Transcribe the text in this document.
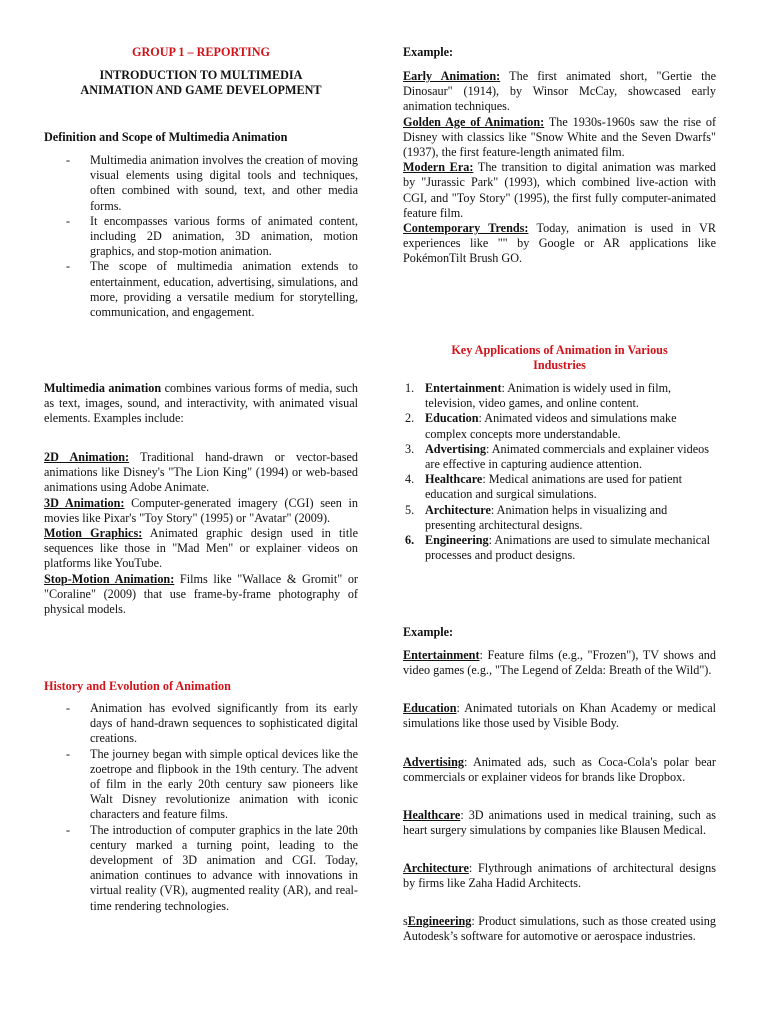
GROUP 1 – REPORTING

INTRODUCTION TO MULTIMEDIA

ANIMATION AND GAME DEVELOPMENT

Definition and Scope of Multimedia Animation

- Multimedia animation involves the creation of moving visual elements using digital tools and techniques, often combined with sound, text, and other media forms.
- It encompasses various forms of animated content, including 2D animation, 3D animation, motion graphics, and stop-motion animation.
- The scope of multimedia animation extends to entertainment, education, advertising, simulations, and more, providing a versatile medium for storytelling, communication, and engagement.

Multimedia animation combines various forms of media, such as text, images, sound, and interactivity, with animated visual elements. Examples include:

2D Animation: Traditional hand-drawn or vector-based animations like Disney's "The Lion King" (1994) or web-based animations using Adobe Animate.

3D Animation: Computer-generated imagery (CGI) seen in movies like Pixar's "Toy Story" (1995) or "Avatar" (2009).

Motion Graphics: Animated graphic design used in title sequences like those in "Mad Men" or explainer videos on platforms like YouTube.

Stop-Motion Animation: Films like "Wallace & Gromit" or "Coraline" (2009) that use frame-by-frame photography of physical models.

History and Evolution of Animation

- Animation has evolved significantly from its early days of hand-drawn sequences to sophisticated digital creations.
- The journey began with simple optical devices like the zoetrope and flipbook in the 19th century. The advent of film in the early 20th century saw pioneers like Walt Disney revolutionize animation with iconic characters and feature films.
- The introduction of computer graphics in the late 20th century marked a turning point, leading to the development of 3D animation and CGI. Today, animation continues to advance with innovations in virtual reality (VR), augmented reality (AR), and real-time rendering technologies.

Example:

Early Animation: The first animated short, "Gertie the Dinosaur" (1914), by Winsor McCay, showcased early animation techniques.

Golden Age of Animation: The 1930s-1960s saw the rise of Disney with classics like "Snow White and the Seven Dwarfs" (1937), the first feature-length animated film.

Modern Era: The transition to digital animation was marked by "Jurassic Park" (1993), which combined live-action with CGI, and "Toy Story" (1995), the first fully computer-animated feature film.

Contemporary Trends: Today, animation is used in VR experiences like "" by Google or AR applications like PokémonTilt Brush GO.

Key Applications of Animation in Various

Industries

1. Entertainment: Animation is widely used in film, television, video games, and online content.
2. Education: Animated videos and simulations make complex concepts more understandable.
3. Advertising: Animated commercials and explainer videos are effective in capturing audience attention.
4. Healthcare: Medical animations are used for patient education and surgical simulations.
5. Architecture: Animation helps in visualizing and presenting architectural designs.
6. Engineering: Animations are used to simulate mechanical processes and product designs.

Example:

Entertainment: Feature films (e.g., "Frozen"), TV shows and video games (e.g., "The Legend of Zelda: Breath of the Wild").

Education: Animated tutorials on Khan Academy or medical simulations like those used by Visible Body.

Advertising: Animated ads, such as Coca-Cola's polar bear commercials or explainer videos for brands like Dropbox.

Healthcare: 3D animations used in medical training, such as heart surgery simulations by companies like Blausen Medical.

Architecture: Flythrough animations of architectural designs by firms like Zaha Hadid Architects.

sEngineering: Product simulations, such as those created using Autodesk’s software for automotive or aerospace industries.
